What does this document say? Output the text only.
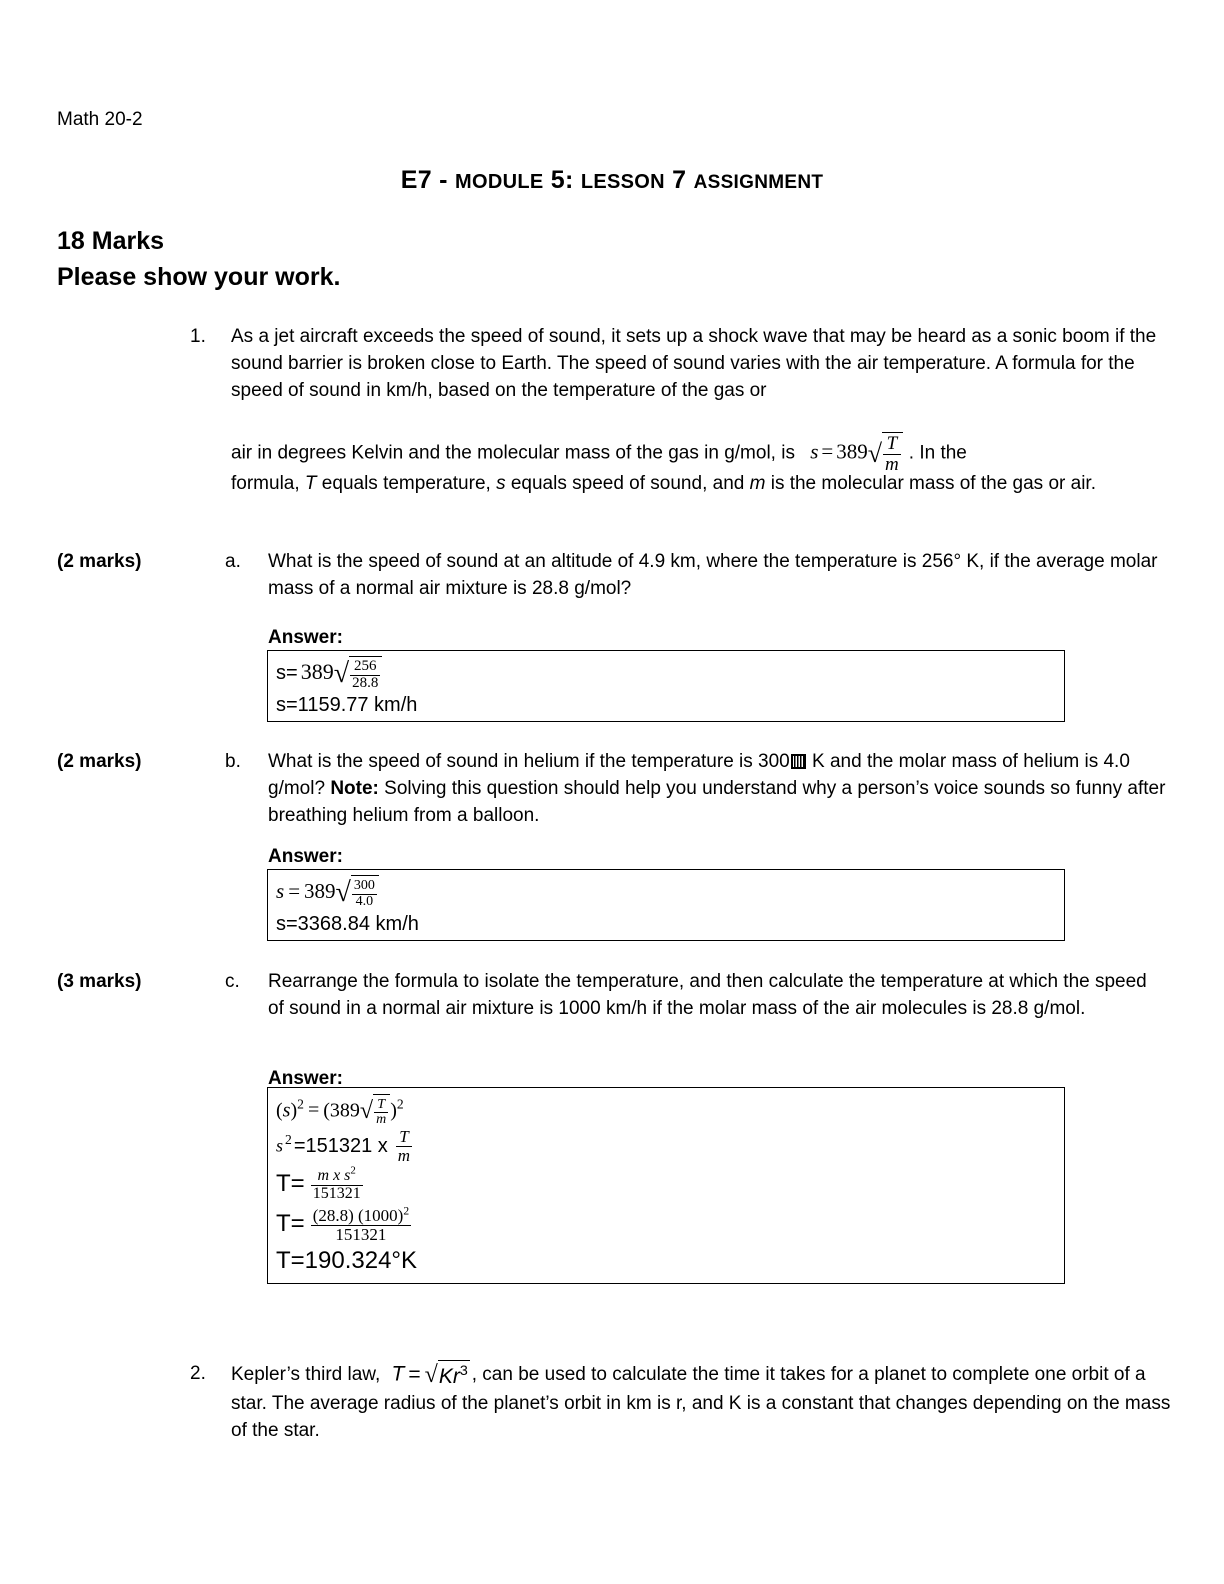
Math 20-2
E7 - MODULE 5: LESSON 7 ASSIGNMENT
18 Marks
Please show your work.
1. As a jet aircraft exceeds the speed of sound, it sets up a shock wave that may be heard as a sonic boom if the sound barrier is broken close to Earth. The speed of sound varies with the air temperature. A formula for the speed of sound in km/h, based on the temperature of the gas or
air in degrees Kelvin and the molecular mass of the gas in g/mol, is $s = 389√ \frac{T}{m}$ . In the
formula, T equals temperature, s equals speed of sound, and m is the molecular mass of the gas or air.
(2 marks)	a. What is the speed of sound at an altitude of 4.9 km, where the temperature is 256° K, if the average molar mass of a normal air mixture is 28.8 g/mol?
Answer:
$s= 389√ \frac{256}{28.8}$
s=1159.77 km/h
(2 marks)	b. What is the speed of sound in helium if the temperature is 300 K and the molar mass of helium is 4.0 g/mol? Note: Solving this question should help you understand why a person’s voice sounds so funny after breathing helium from a balloon.
Answer:
$s = 389√ \frac{300}{4.0}$
s=3368.84 km/h
(3 marks)	c. Rearrange the formula to isolate the temperature, and then calculate the temperature at which the speed of sound in a normal air mixture is 1000 km/h if the molar mass of the air molecules is 28.8 g/mol.
Answer:
$(s)^2 = (389√ \frac{T}{m} )^2$
s $^2$ =151321 x $\frac{T}{m}$
$T= \frac{m x s^2}{151321}$
$T= \frac{(28.8) (1000)^2}{151321}$
T=190.324°K
2. Kepler’s third law, $T = √Kr^3$ , can be used to calculate the time it takes for a planet to complete one orbit of a star. The average radius of the planet’s orbit in km is r, and K is a constant that changes depending on the mass of the star.
